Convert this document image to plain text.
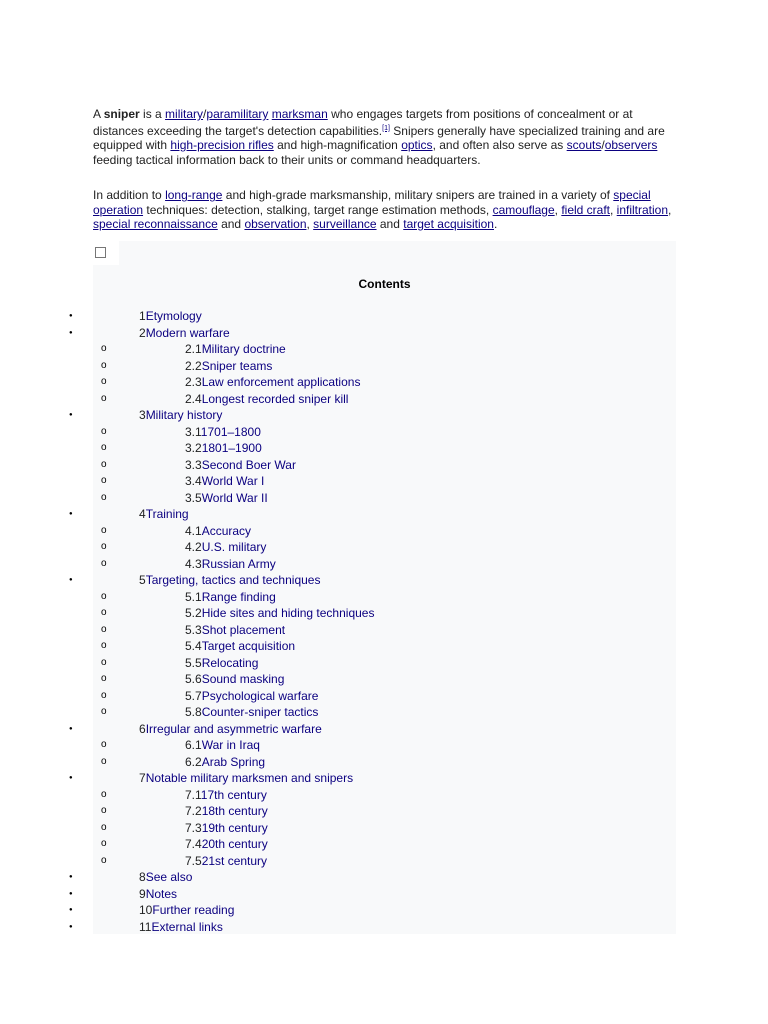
A sniper is a military/paramilitary marksman who engages targets from positions of concealment or at distances exceeding the target's detection capabilities.[1] Snipers generally have specialized training and are equipped with high-precision rifles and high-magnification optics, and often also serve as scouts/observers feeding tactical information back to their units or command headquarters.

In addition to long-range and high-grade marksmanship, military snipers are trained in a variety of special operation techniques: detection, stalking, target range estimation methods, camouflage, field craft, infiltration, special reconnaissance and observation, surveillance and target acquisition.

Contents
●	1Etymology
●	2Modern warfare
o	2.1Military doctrine
o	2.2Sniper teams
o	2.3Law enforcement applications
o	2.4Longest recorded sniper kill
●	3Military history
o	3.11701–1800
o	3.21801–1900
o	3.3Second Boer War
o	3.4World War I
o	3.5World War II
●	4Training
o	4.1Accuracy
o	4.2U.S. military
o	4.3Russian Army
●	5Targeting, tactics and techniques
o	5.1Range finding
o	5.2Hide sites and hiding techniques
o	5.3Shot placement
o	5.4Target acquisition
o	5.5Relocating
o	5.6Sound masking
o	5.7Psychological warfare
o	5.8Counter-sniper tactics
●	6Irregular and asymmetric warfare
o	6.1War in Iraq
o	6.2Arab Spring
●	7Notable military marksmen and snipers
o	7.117th century
o	7.218th century
o	7.319th century
o	7.420th century
o	7.521st century
●	8See also
●	9Notes
●	10Further reading
●	11External links
